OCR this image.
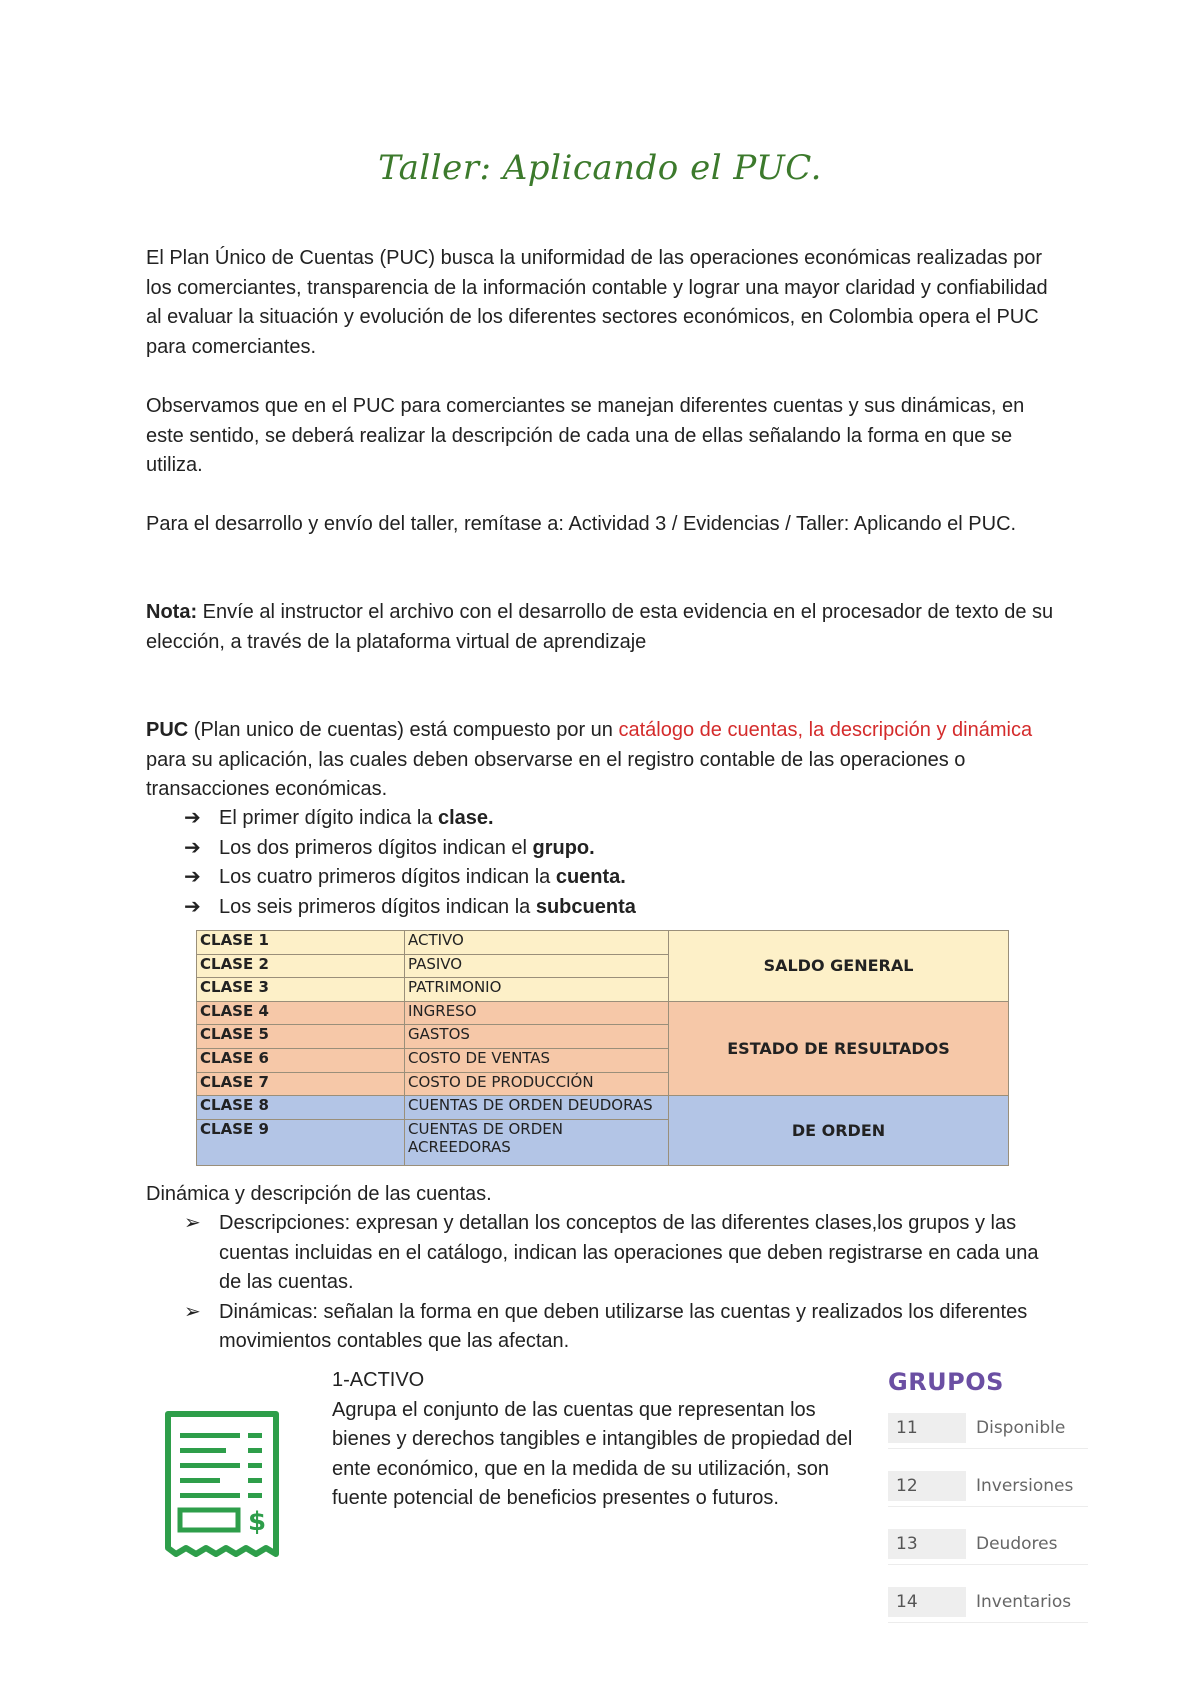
Taller: Aplicando el PUC.
El Plan Único de Cuentas (PUC) busca la uniformidad de las operaciones económicas realizadas por los comerciantes, transparencia de la información contable y lograr una mayor claridad y confiabilidad al evaluar la situación y evolución de los diferentes sectores económicos, en Colombia opera el PUC para comerciantes.
Observamos que en el PUC para comerciantes se manejan diferentes cuentas y sus dinámicas, en este sentido, se deberá realizar la descripción de cada una de ellas señalando la forma en que se utiliza.
Para el desarrollo y envío del taller, remítase a: Actividad 3 / Evidencias / Taller: Aplicando el PUC.
Nota: Envíe al instructor el archivo con el desarrollo de esta evidencia en el procesador de texto de su elección, a través de la plataforma virtual de aprendizaje
PUC (Plan unico de cuentas) está compuesto por un catálogo de cuentas, la descripción y dinámica para su aplicación, las cuales deben observarse en el registro contable de las operaciones o transacciones económicas.
➔ El primer dígito indica la clase.
➔ Los dos primeros dígitos indican el grupo.
➔ Los cuatro primeros dígitos indican la cuenta.
➔ Los seis primeros dígitos indican la subcuenta
CLASE 1	ACTIVO	SALDO GENERAL
CLASE 2	PASIVO	
CLASE 3	PATRIMONIO	
CLASE 4	INGRESO	ESTADO DE RESULTADOS
CLASE 5	GASTOS	
CLASE 6	COSTO DE VENTAS	
CLASE 7	COSTO DE PRODUCCIÓN	
CLASE 8	CUENTAS DE ORDEN DEUDORAS	DE ORDEN
CLASE 9	CUENTAS DE ORDEN ACREEDORAS	
Dinámica y descripción de las cuentas.
➢ Descripciones: expresan y detallan los conceptos de las diferentes clases,los grupos y las cuentas incluidas en el catálogo, indican las operaciones que deben registrarse en cada una de las cuentas.
➢ Dinámicas: señalan la forma en que deben utilizarse las cuentas y realizados los diferentes movimientos contables que las afectan.
$
1-ACTIVO
Agrupa el conjunto de las cuentas que representan los bienes y derechos tangibles e intangibles de propiedad del ente económico, que en la medida de su utilización, son fuente potencial de beneficios presentes o futuros.
GRUPOS
11	Disponible
12	Inversiones
13	Deudores
14	Inventarios
